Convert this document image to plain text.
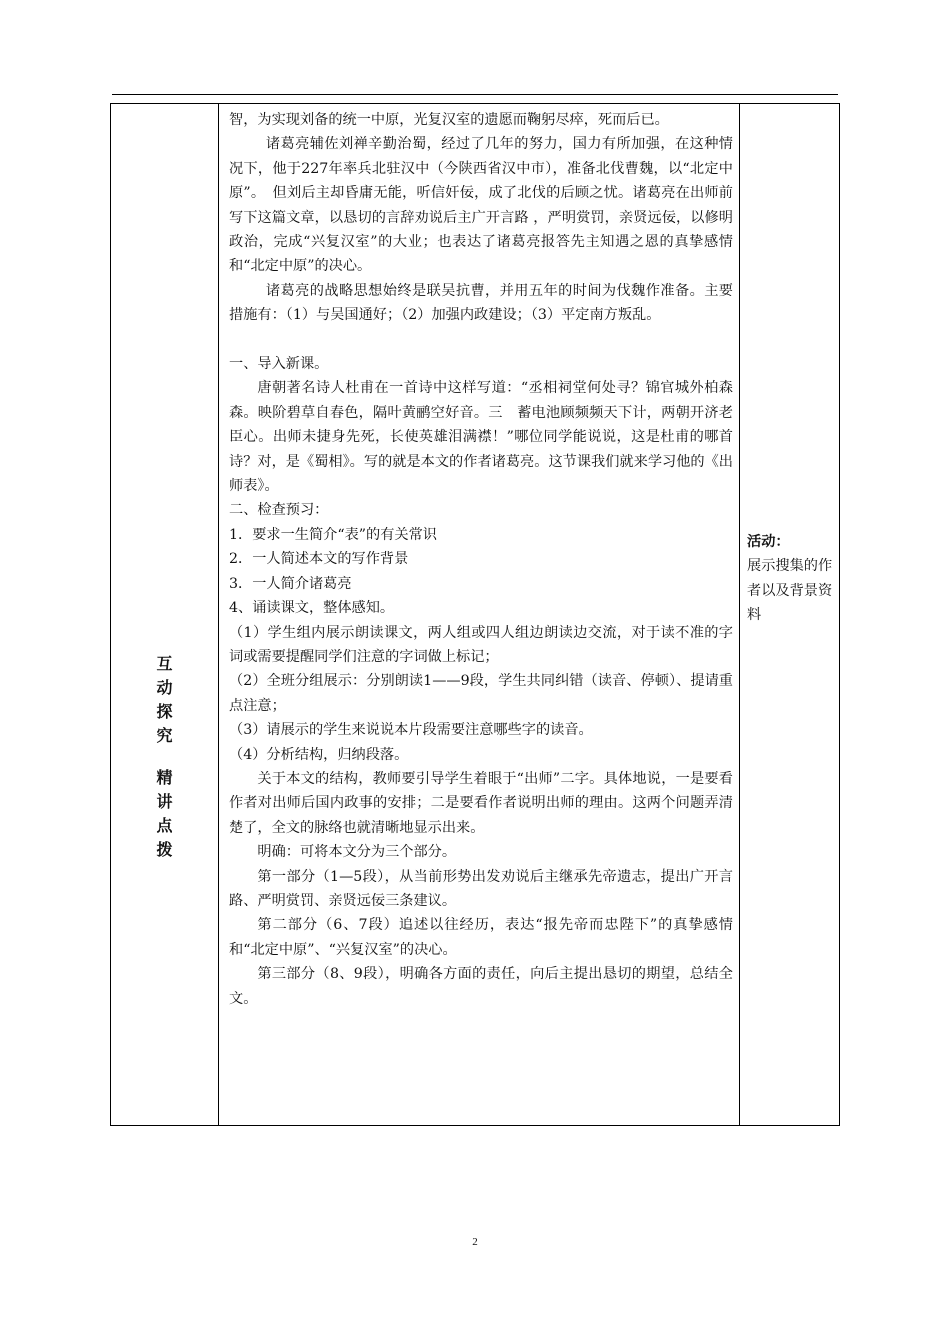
互
动
探
究
精
讲
点
拨

智，为实现刘备的统一中原，光复汉室的遗愿而鞠躬尽瘁，死而后已。

诸葛亮辅佐刘禅辛勤治蜀，经过了几年的努力，国力有所加强，在这种情况下，他于227年率兵北驻汉中（今陕西省汉中市），准备北伐曹魏，以“北定中原”。　但刘后主却昏庸无能，听信奸佞，成了北伐的后顾之忧。诸葛亮在出师前写下这篇文章，以恳切的言辞劝说后主广开言路 ，严明赏罚，亲贤远佞，以修明政治，完成“兴复汉室”的大业；也表达了诸葛亮报答先主知遇之恩的真挚感情和“北定中原”的决心。

诸葛亮的战略思想始终是联吴抗曹，并用五年的时间为伐魏作准备。主要措施有：（1）与吴国通好；（2）加强内政建设；（3）平定南方叛乱。

一、导入新课。

唐朝著名诗人杜甫在一首诗中这样写道：“丞相祠堂何处寻？锦官城外柏森森。映阶碧草自春色，隔叶黄鹂空好音。三　蓄电池顾频频天下计，两朝开济老臣心。出师未捷身先死，长使英雄泪满襟！”哪位同学能说说，这是杜甫的哪首诗？对，是《蜀相》。写的就是本文的作者诸葛亮。这节课我们就来学习他的《出师表》。

二、检查预习：

1．要求一生简介“表”的有关常识

2．一人简述本文的写作背景

3．一人简介诸葛亮

4、诵读课文，整体感知。

（1）学生组内展示朗读课文，两人组或四人组边朗读边交流，对于读不准的字词或需要提醒同学们注意的字词做上标记；

（2）全班分组展示：分别朗读1——9段，学生共同纠错（读音、停顿）、提请重点注意；

（3）请展示的学生来说说本片段需要注意哪些字的读音。

（4）分析结构，归纳段落。

关于本文的结构，教师要引导学生着眼于“出师”二字。具体地说，一是要看作者对出师后国内政事的安排；二是要看作者说明出师的理由。这两个问题弄清楚了，全文的脉络也就清晰地显示出来。

明确：可将本文分为三个部分。

第一部分（1—5段），从当前形势出发劝说后主继承先帝遗志，提出广开言路、严明赏罚、亲贤远佞三条建议。

第二部分（6、7段）追述以往经历，表达“报先帝而忠陛下”的真挚感情和“北定中原”、“兴复汉室”的决心。

第三部分（8、9段），明确各方面的责任，向后主提出恳切的期望，总结全文。

活动：
展示搜集的作者以及背景资料
2
